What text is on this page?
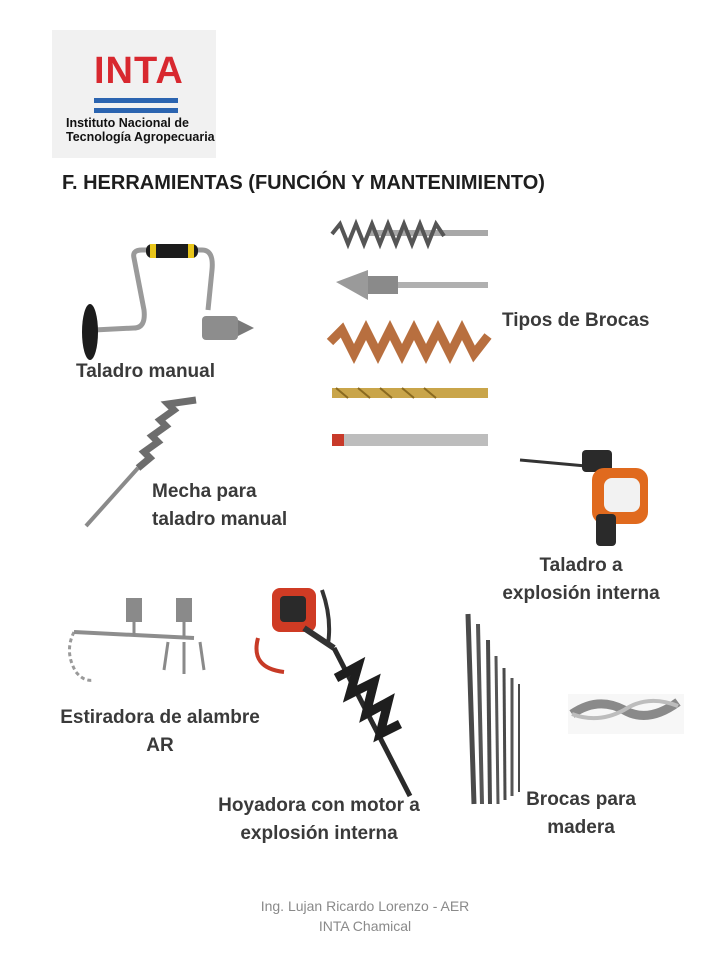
INTA
Instituto Nacional de
Tecnología Agropecuaria
F. HERRAMIENTAS (FUNCIÓN Y MANTENIMIENTO)
Taladro manual
Tipos de Brocas
Mecha para
taladro manual
Taladro a
explosión interna
Estiradora de alambre
AR
Hoyadora con motor a
explosión interna
Brocas para
madera
Ing. Lujan Ricardo Lorenzo - AER
INTA Chamical
